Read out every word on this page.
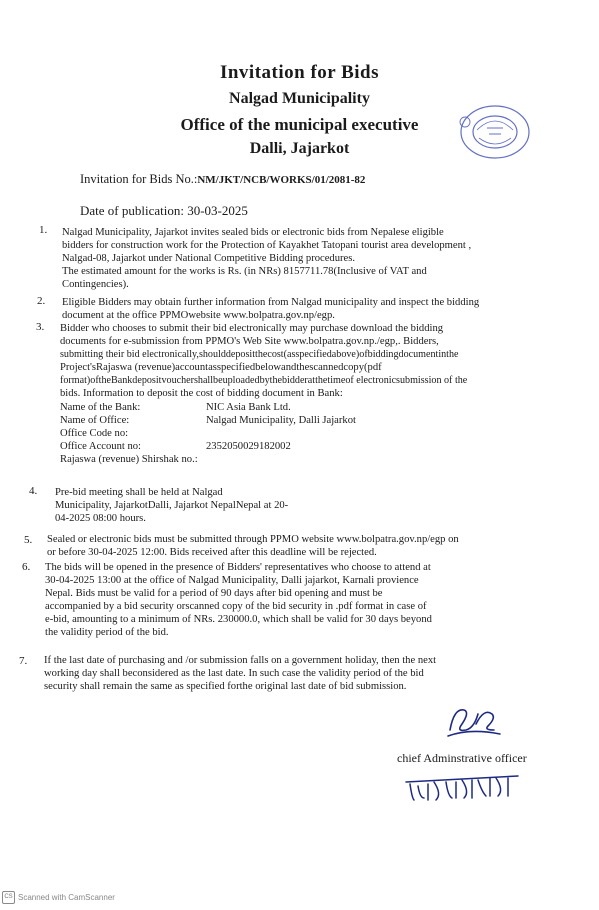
Invitation for Bids
Nalgad Municipality
Office of the municipal executive
Dalli, Jajarkot
Invitation for Bids No.:NM/JKT/NCB/WORKS/01/2081-82
Date of publication: 30-03-2025
1. Nalgad Municipality, Jajarkot invites sealed bids or electronic bids from Nepalese eligible
bidders for construction work for the Protection of Kayakhet Tatopani tourist area development ,
Nalgad-08, Jajarkot under National Competitive Bidding procedures.
The estimated amount for the works is Rs. (in NRs) 8157711.78(Inclusive of VAT and
Contingencies).
2. Eligible Bidders may obtain further information from Nalgad municipality and inspect the bidding
document at the office PPMOwebsite www.bolpatra.gov.np/egp.
3. Bidder who chooses to submit their bid electronically may purchase download the bidding
documents for e-submission from PPMO's Web Site www.bolpatra.gov.np./egp,. Bidders,
submitting their bid electronically,shoulddepositthecost(asspecifiedabove)ofbiddingdocumentinthe
Project'sRajaswa (revenue)accountasspecifiedbelowandthescannedcopy(pdf
format)oftheBankdepositvouchershallbeuploadedbythebidderatthetimeof electronicsubmission of the
bids. Information to deposit the cost of bidding document in Bank:
Name of the Bank:	NIC Asia Bank Ltd.
Name of Office:	Nalgad Municipality, Dalli Jajarkot
Office Code no:
Office Account no:	2352050029182002
Rajaswa (revenue) Shirshak no.:
4. Pre-bid meeting shall be held at Nalgad
Municipality, JajarkotDalli, Jajarkot NepalNepal at 20-
04-2025 08:00 hours.
5. Sealed or electronic bids must be submitted through PPMO website www.bolpatra.gov.np/egp on
or before 30-04-2025 12:00. Bids received after this deadline will be rejected.
6. The bids will be opened in the presence of Bidders' representatives who choose to attend at
30-04-2025 13:00 at the office of Nalgad Municipality, Dalli jajarkot, Karnali provience
Nepal. Bids must be valid for a period of 90 days after bid opening and must be
accompanied by a bid security orscanned copy of the bid security in .pdf format in case of
e-bid, amounting to a minimum of NRs. 230000.0, which shall be valid for 30 days beyond
the validity period of the bid.
7. If the last date of purchasing and /or submission falls on a government holiday, then the next
working day shall beconsidered as the last date. In such case the validity period of the bid
security shall remain the same as specified forthe original last date of bid submission.
chief Adminstrative officer
CS Scanned with CamScanner
